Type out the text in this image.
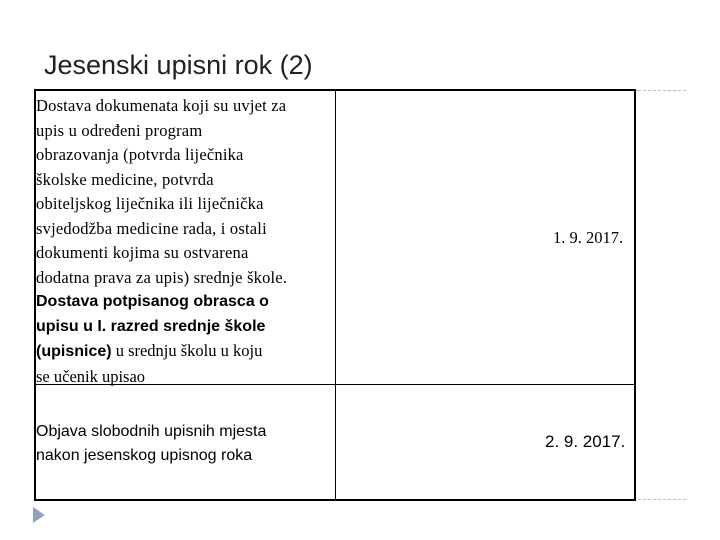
Jesenski upisni rok (2)
Dostava dokumenata koji su uvjet za
upis u određeni program
obrazovanja (potvrda liječnika
školske medicine, potvrda
obiteljskog liječnika ili liječnička
svjedodžba medicine rada, i ostali
dokumenti kojima su ostvarena
dodatna prava za upis) srednje škole.
Dostava potpisanog obrasca o
upisu u I. razred srednje škole
(upisnice) u srednju školu u koju
se učenik upisao
1. 9. 2017.
Objava slobodnih upisnih mjesta
nakon jesenskog upisnog roka
2. 9. 2017.
